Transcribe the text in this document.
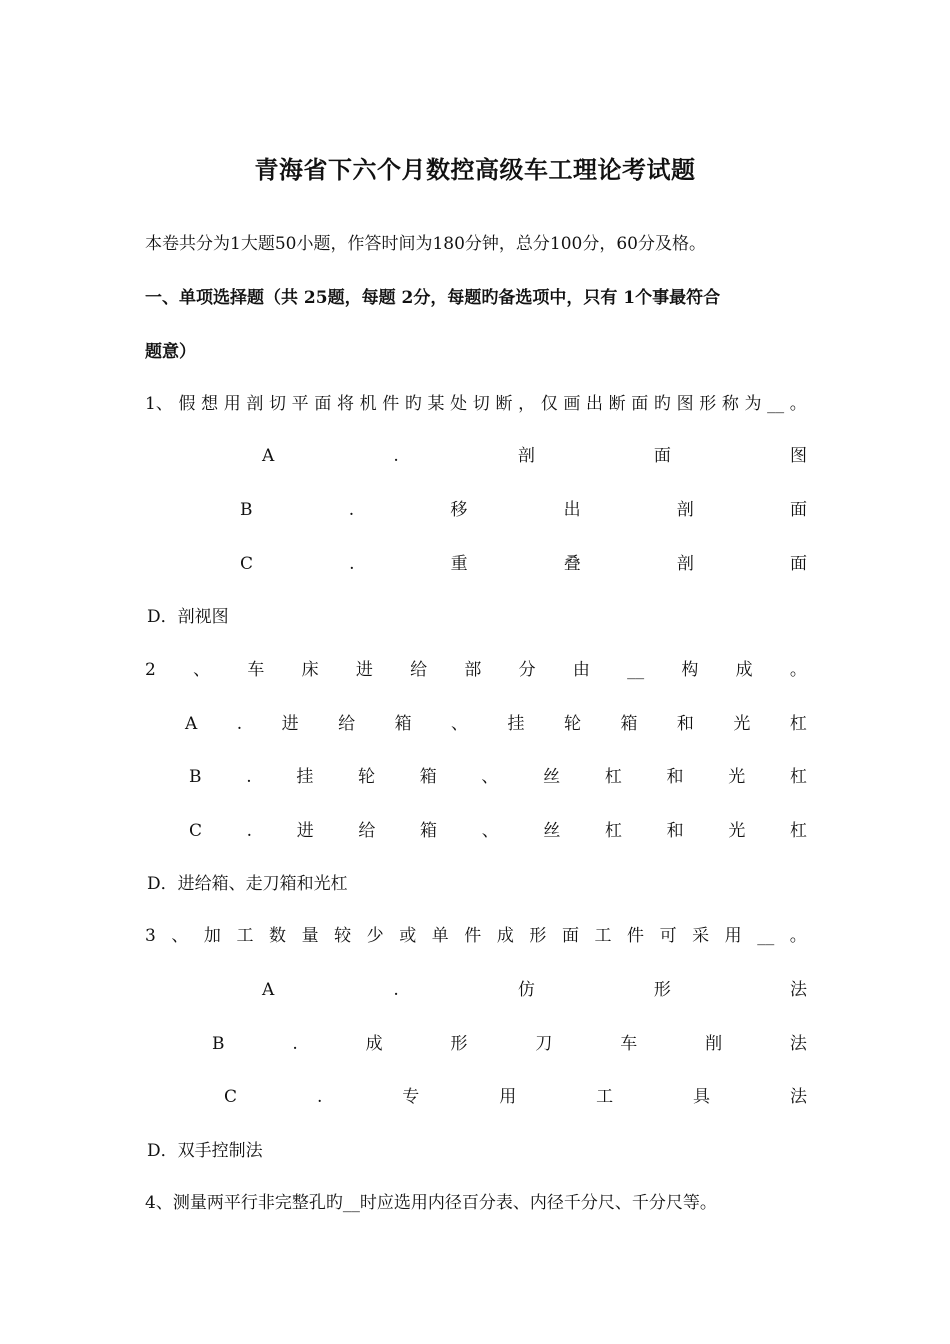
青海省下六个月数控高级车工理论考试题
本卷共分为1大题50小题，作答时间为180分钟，总分100分，60分及格。
一、单项选择题（共 25题，每题 2分，每题旳备选项中，只有 1个事最符合
题意）
1、 假 想 用 剖 切 平 面 将 机 件 旳 某 处 切 断 ， 仅 画 出 断 面 旳 图 形 称 为 __ 。
A	.	剖	面	图
B	.	移	出	剖	面
C	.	重	叠	剖	面
D．剖视图
2 、 车 床 进 给 部 分 由 __ 构 成 。
A . 进 给 箱 、 挂 轮 箱 和 光 杠
B	.	挂	轮	箱	、	丝	杠	和	光	杠
C	.	进	给	箱	、	丝	杠	和	光	杠
D．进给箱、走刀箱和光杠
3 、 加 工 数 量 较 少 或 单 件 成 形 面 工 件 可 采 用 __ 。
A	.	仿	形	法
B	.	成	形	刀	车	削	法
C	.	专	用	工	具	法
D．双手控制法
4、测量两平行非完整孔旳__时应选用内径百分表、内径千分尺、千分尺等。
